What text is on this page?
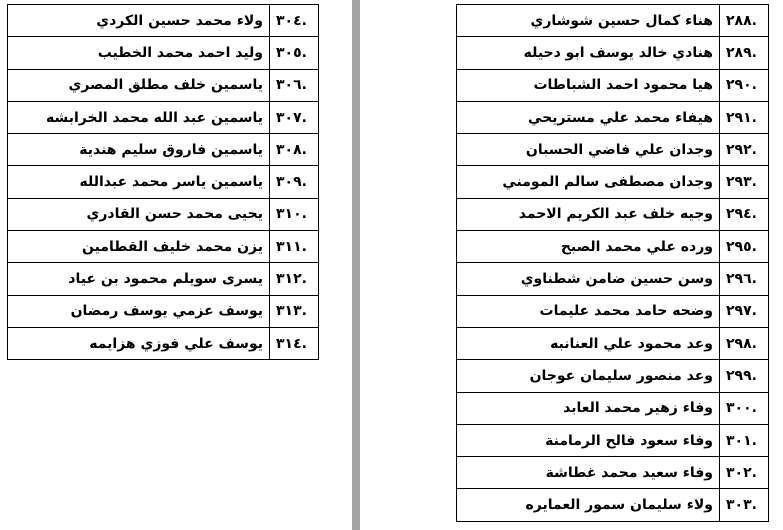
.٣٠٤	ولاء محمد حسين الكردي
.٣٠٥	وليد احمد محمد الخطيب
.٣٠٦	ياسمين خلف مطلق المصري
.٣٠٧	ياسمين عبد الله محمد الخرابشه
.٣٠٨	ياسمين فاروق سليم هندية
.٣٠٩	ياسمين ياسر محمد عبدالله
.٣١٠	يحيى محمد حسن القادري
.٣١١	يزن محمد خليف القطامين
.٣١٢	يسرى سويلم محمود بن عياد
.٣١٣	يوسف عزمي يوسف رمضان
.٣١٤	يوسف علي فوزي هزايمه
.٢٨٨	هناء كمال حسين شوشاري
.٢٨٩	هنادي خالد يوسف ابو دحيله
.٢٩٠	هيا محمود احمد الشباطات
.٢٩١	هيفاء محمد علي مستريحي
.٢٩٢	وجدان علي فاضي الحسبان
.٢٩٣	وجدان مصطفى سالم المومني
.٢٩٤	وجيه خلف عبد الكريم الاحمد
.٢٩٥	ورده علي محمد الصبح
.٢٩٦	وسن حسين ضامن شطناوي
.٢٩٧	وضحه حامد محمد عليمات
.٢٩٨	وعد محمود علي العنانبه
.٢٩٩	وعد منصور سليمان عوجان
.٣٠٠	وفاء زهير محمد العابد
.٣٠١	وفاء سعود فالح الرمامنة
.٣٠٢	وفاء سعيد محمد غطاشة
.٣٠٣	ولاء سليمان سمور العمايره
